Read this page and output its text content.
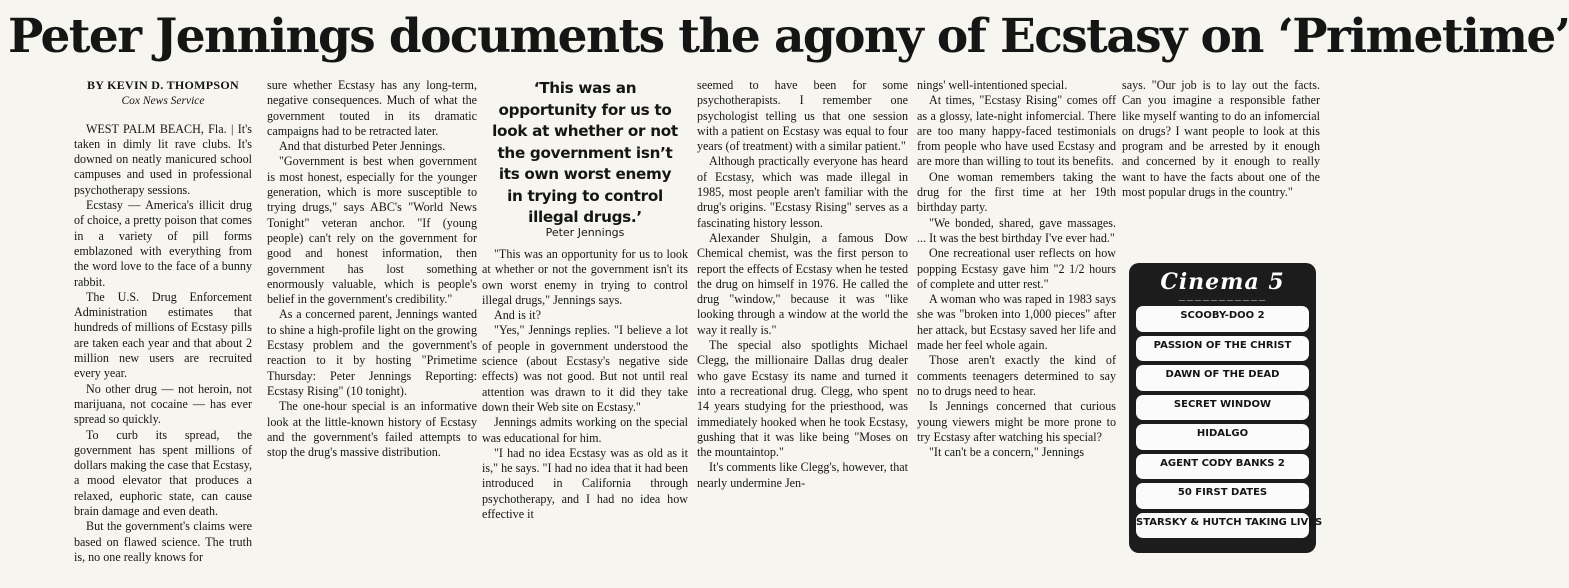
Peter Jennings documents the agony of Ecstasy on ‘Primetime’
BY KEVIN D. THOMPSON
Cox News Service

WEST PALM BEACH, Fla. | It's taken in dimly lit rave clubs. It's downed on neatly manicured school campuses and used in professional psychotherapy sessions.

Ecstasy — America's illicit drug of choice, a pretty poison that comes in a variety of pill forms emblazoned with everything from the word love to the face of a bunny rabbit.

The U.S. Drug Enforcement Administration estimates that hundreds of millions of Ecstasy pills are taken each year and that about 2 million new users are recruited every year.

No other drug — not heroin, not marijuana, not cocaine — has ever spread so quickly.

To curb its spread, the government has spent millions of dollars making the case that Ecstasy, a mood elevator that produces a relaxed, euphoric state, can cause brain damage and even death.

But the government's claims were based on flawed science. The truth is, no one really knows for

sure whether Ecstasy has any long-term, negative consequences. Much of what the government touted in its dramatic campaigns had to be retracted later.

And that disturbed Peter Jennings.

"Government is best when government is most honest, especially for the younger generation, which is more susceptible to trying drugs," says ABC's "World News Tonight" veteran anchor. "If (young people) can't rely on the government for good and honest information, then government has lost something enormously valuable, which is people's belief in the government's credibility."

As a concerned parent, Jennings wanted to shine a high-profile light on the growing Ecstasy problem and the government's reaction to it by hosting "Primetime Thursday: Peter Jennings Reporting: Ecstasy Rising" (10 tonight).

The one-hour special is an informative look at the little-known history of Ecstasy and the government's failed attempts to stop the drug's massive distribution.

‘This was an opportunity for us to look at whether or not the government isn’t its own worst enemy in trying to control illegal drugs.’
Peter Jennings

"This was an opportunity for us to look at whether or not the government isn't its own worst enemy in trying to control illegal drugs," Jennings says.

And is it?

"Yes," Jennings replies. "I believe a lot of people in government understood the science (about Ecstasy's negative side effects) was not good. But not until real attention was drawn to it did they take down their Web site on Ecstasy."

Jennings admits working on the special was educational for him.

"I had no idea Ecstasy was as old as it is," he says. "I had no idea that it had been introduced in California through psychotherapy, and I had no idea how effective it

seemed to have been for some psychotherapists. I remember one psychologist telling us that one session with a patient on Ecstasy was equal to four years (of treatment) with a similar patient."

Although practically everyone has heard of Ecstasy, which was made illegal in 1985, most people aren't familiar with the drug's origins. "Ecstasy Rising" serves as a fascinating history lesson.

Alexander Shulgin, a famous Dow Chemical chemist, was the first person to report the effects of Ecstasy when he tested the drug on himself in 1976. He called the drug "window," because it was "like looking through a window at the world the way it really is."

The special also spotlights Michael Clegg, the millionaire Dallas drug dealer who gave Ecstasy its name and turned it into a recreational drug. Clegg, who spent 14 years studying for the priesthood, was immediately hooked when he took Ecstasy, gushing that it was like being "Moses on the mountaintop."

It's comments like Clegg's, however, that nearly undermine Jen-

nings' well-intentioned special.

At times, "Ecstasy Rising" comes off as a glossy, late-night infomercial. There are too many happy-faced testimonials from people who have used Ecstasy and are more than willing to tout its benefits.

One woman remembers taking the drug for the first time at her 19th birthday party.

"We bonded, shared, gave massages. ... It was the best birthday I've ever had."

One recreational user reflects on how popping Ecstasy gave him "2 1/2 hours of complete and utter rest."

A woman who was raped in 1983 says she was "broken into 1,000 pieces" after her attack, but Ecstasy saved her life and made her feel whole again.

Those aren't exactly the kind of comments teenagers determined to say no to drugs need to hear.

Is Jennings concerned that curious young viewers might be more prone to try Ecstasy after watching his special?

"It can't be a concern," Jennings

says. "Our job is to lay out the facts. Can you imagine a responsible father like myself wanting to do an infomercial on drugs? I want people to look at this program and be arrested by it enough and concerned by it enough to really want to have the facts about one of the most popular drugs in the country."

Cinema 5
———————————
SCOOBY-DOO 2
PASSION OF THE CHRIST
DAWN OF THE DEAD
SECRET WINDOW
HIDALGO
AGENT CODY BANKS 2
50 FIRST DATES
STARSKY & HUTCH TAKING LIVES
